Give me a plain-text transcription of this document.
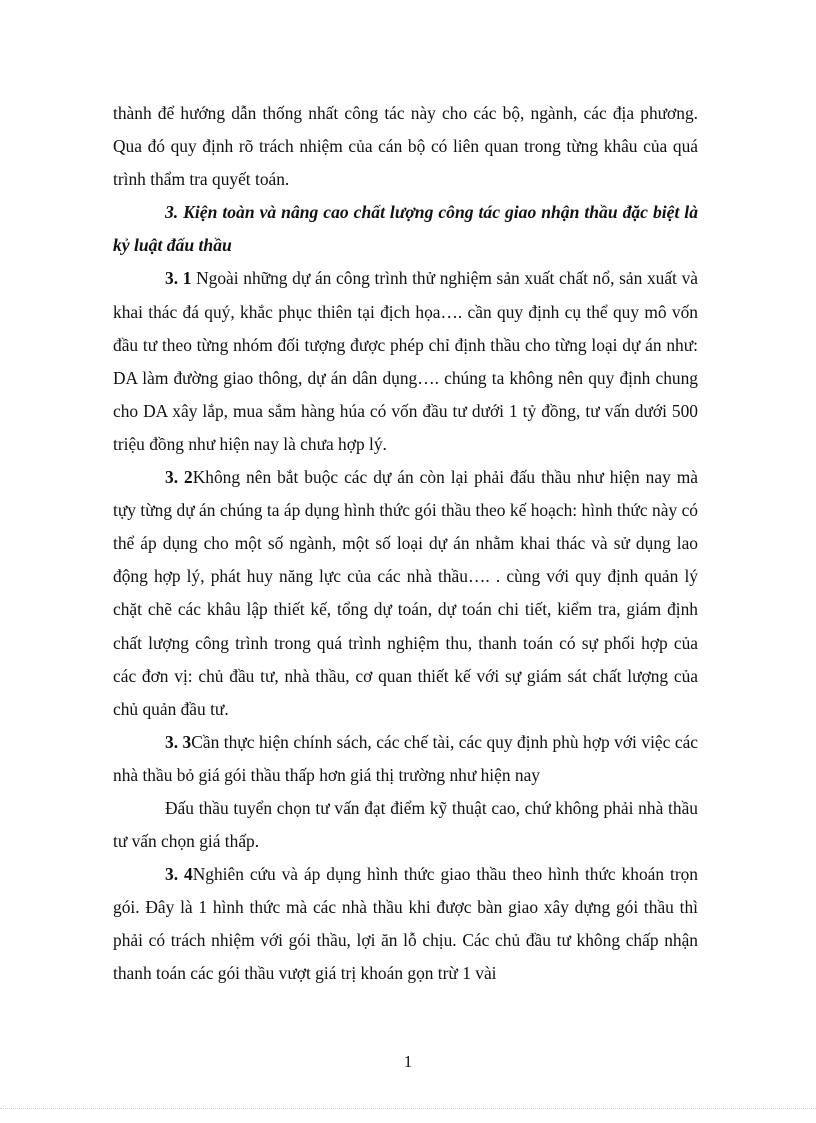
thành để hướng dẫn thống nhất công tác này cho các bộ, ngành, các địa phương. Qua đó quy định rõ trách nhiệm của cán bộ có liên quan trong từng khâu của quá trình thẩm tra quyết toán.

3. Kiện toàn và nâng cao chất lượng công tác giao nhận thầu đặc biệt là kỷ luật đấu thầu

3. 1 Ngoài những dự án công trình thử nghiệm sản xuất chất nổ, sản xuất và khai thác đá quý, khắc phục thiên tại địch họa…. cần quy định cụ thể quy mô vốn đầu tư theo từng nhóm đối tượng được phép chỉ định thầu cho từng loại dự án như: DA làm đường giao thông, dự án dân dụng…. chúng ta không nên quy định chung cho DA xây lắp, mua sắm hàng húa có vốn đầu tư dưới 1 tỷ đồng, tư vấn dưới 500 triệu đồng như hiện nay là chưa hợp lý.

3. 2Không nên bắt buộc các dự án còn lại phải đấu thầu như hiện nay mà tựy từng dự án chúng ta áp dụng hình thức gói thầu theo kế hoạch: hình thức này có thể áp dụng cho một số ngành, một số loại dự án nhằm khai thác và sử dụng lao động hợp lý, phát huy năng lực của các nhà thầu…. . cùng với quy định quản lý chặt chẽ các khâu lập thiết kế, tổng dự toán, dự toán chi tiết, kiểm tra, giám định chất lượng công trình trong quá trình nghiệm thu, thanh toán có sự phối hợp của các đơn vị: chủ đầu tư, nhà thầu, cơ quan thiết kế với sự giám sát chất lượng của chủ quản đầu tư.

3. 3Cần thực hiện chính sách, các chế tài, các quy định phù hợp với việc các nhà thầu bỏ giá gói thầu thấp hơn giá thị trường như hiện nay

Đấu thầu tuyển chọn tư vấn đạt điểm kỹ thuật cao, chứ không phải nhà thầu tư vấn chọn giá thấp.

3. 4Nghiên cứu và áp dụng hình thức giao thầu theo hình thức khoán trọn gói. Đây là 1 hình thức mà các nhà thầu khi được bàn giao xây dựng gói thầu thì phải có trách nhiệm với gói thầu, lợi ăn lỗ chịu. Các chủ đầu tư không chấp nhận thanh toán các gói thầu vượt giá trị khoán gọn trừ 1 vài

1
